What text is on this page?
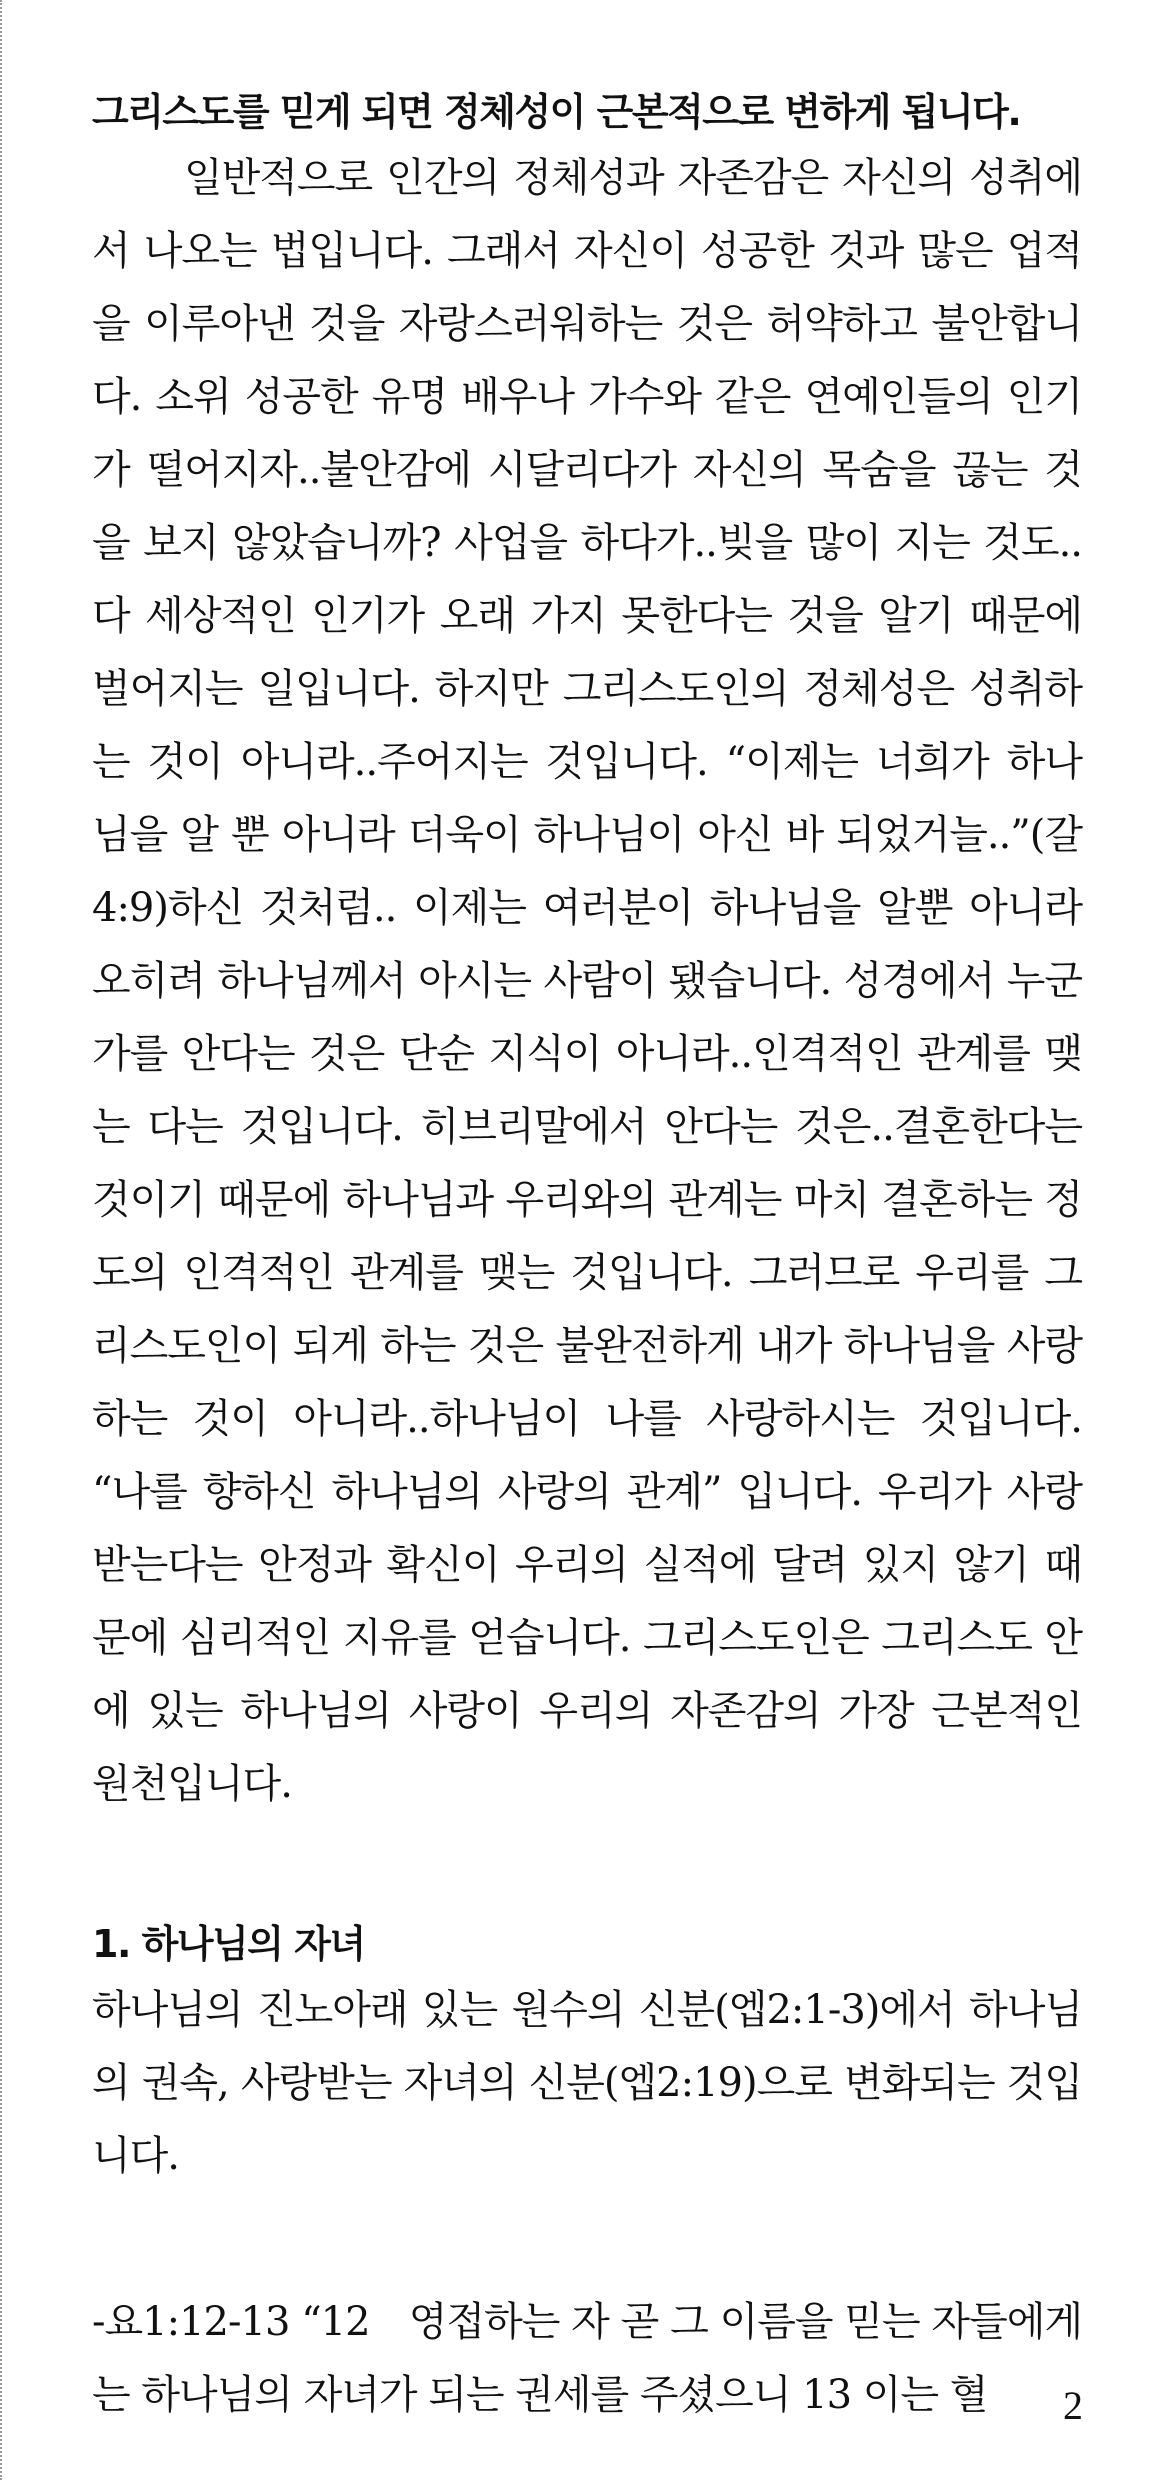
그리스도를 믿게 되면 정체성이 근본적으로 변하게 됩니다.

일반적으로 인간의 정체성과 자존감은 자신의 성취에서 나오는 법입니다. 그래서 자신이 성공한 것과 많은 업적을 이루아낸 것을 자랑스러워하는 것은 허약하고 불안합니다. 소위 성공한 유명 배우나 가수와 같은 연예인들의 인기가 떨어지자..불안감에 시달리다가 자신의 목숨을 끊는 것을 보지 않았습니까? 사업을 하다가..빚을 많이 지는 것도..다 세상적인 인기가 오래 가지 못한다는 것을 알기 때문에 벌어지는 일입니다. 하지만 그리스도인의 정체성은 성취하는 것이 아니라..주어지는 것입니다. “이제는 너희가 하나님을 알 뿐 아니라 더욱이 하나님이 아신 바 되었거늘..”(갈4:9)하신 것처럼.. 이제는 여러분이 하나님을 알뿐 아니라 오히려 하나님께서 아시는 사람이 됐습니다. 성경에서 누군가를 안다는 것은 단순 지식이 아니라..인격적인 관계를 맺는 다는 것입니다. 히브리말에서 안다는 것은..결혼한다는 것이기 때문에 하나님과 우리와의 관계는 마치 결혼하는 정도의 인격적인 관계를 맺는 것입니다. 그러므로 우리를 그리스도인이 되게 하는 것은 불완전하게 내가 하나님을 사랑하는 것이 아니라..하나님이 나를 사랑하시는 것입니다. “나를 향하신 하나님의 사랑의 관계” 입니다. 우리가 사랑받는다는 안정과 확신이 우리의 실적에 달려 있지 않기 때문에 심리적인 지유를 얻습니다. 그리스도인은 그리스도 안에 있는 하나님의 사랑이 우리의 자존감의 가장 근본적인 원천입니다.

1. 하나님의 자녀

하나님의 진노아래 있는 원수의 신분(엡2:1-3)에서 하나님의 권속, 사랑받는 자녀의 신분(엡2:19)으로 변화되는 것입니다.

-요1:12-13 “12　영접하는 자 곧 그 이름을 믿는 자들에게는 하나님의 자녀가 되는 권세를 주셨으니 13 이는 혈	2
